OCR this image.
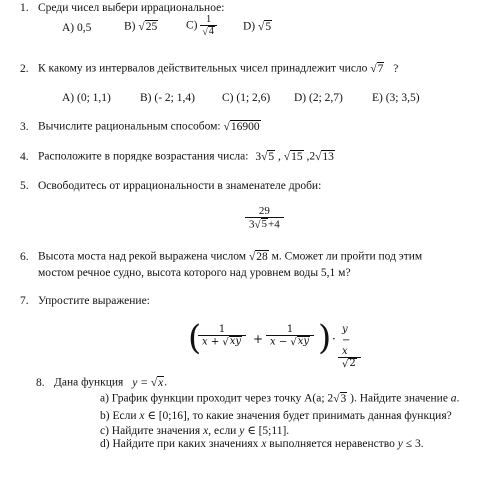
1. Среди чисел выбери иррациональное:
A) 0,5	B) √ 25	$C) \frac{1}{√ 4} D$) √ 5
2. К какому из интервалов действительных чисел принадлежит число √ 7 ?
A) (0; 1,1)	B) (- 2; 1,4) C) (1; 2,6) D) (2; 2,7)	E) (3; 3,5)
3. Вычислите рациональным способом: √ 16900
4. Расположите в порядке возрастания числа: 3 √ 5 , √ 15 ,2 √ 13
5. Освободитесь от иррациональности в знаменателе дроби:
$\frac{29}{3 √ 5 +4}$
6. Высота моста над рекой выражена числом √ 28 м. Сможет ли пройти под этим
мостом речное судно, высота которого над уровнем воды 5,1 м?
7. Упростите выражение:
(
$\frac{1}{x + √ xy} + \frac{1}{x - √ xy}$ ) · $\frac{y - x}{√ 2}$
8. Дана функция y = √ x .
a) График функции проходит через точку A(a; 2 √ 3 ). Найдите значение a.
b) Если x ∈ [0;16], то какие значения будет принимать данная функция?
c) Найдите значения x, если y ∈ [5;11].
d) Найдите при каких значениях x выполняется неравенство y ≤ 3.
